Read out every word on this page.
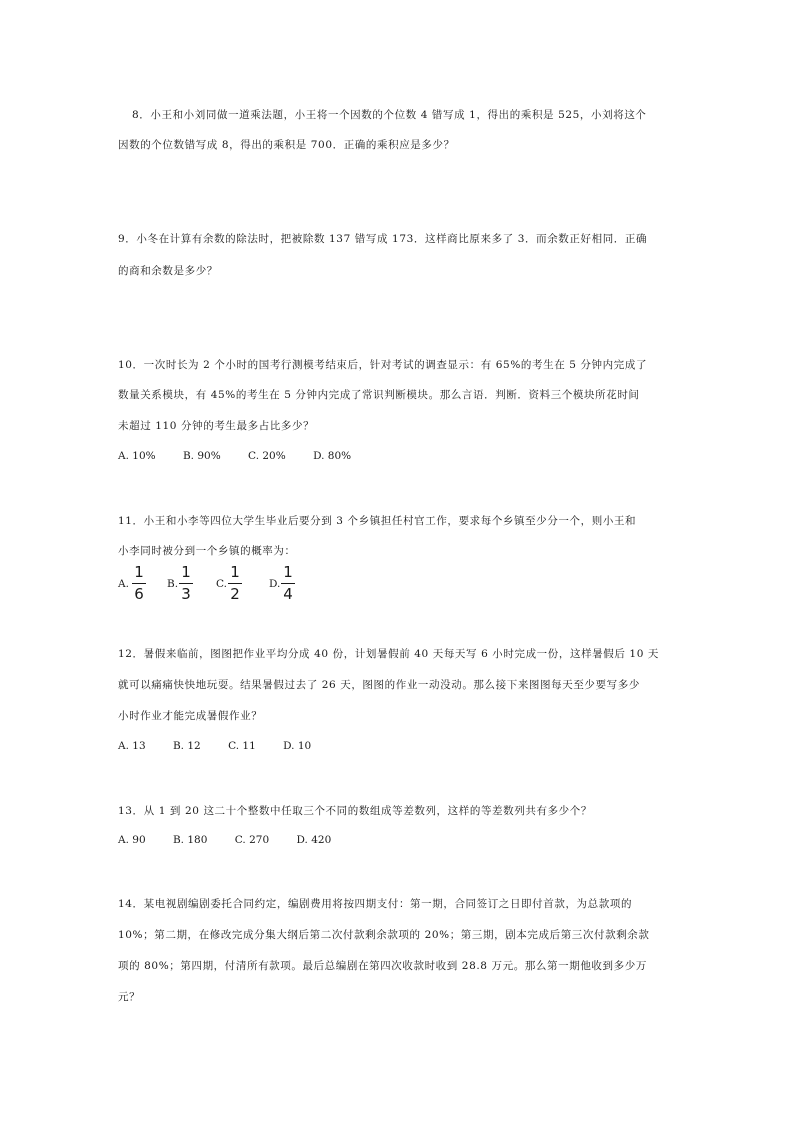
8．小王和小刘同做一道乘法题，小王将一个因数的个位数 4 错写成 1，得出的乘积是 525，小刘将这个
因数的个位数错写成 8，得出的乘积是 700．正确的乘积应是多少？
9．小冬在计算有余数的除法时，把被除数 137 错写成 173．这样商比原来多了 3．而余数正好相同．正确
的商和余数是多少？
10．一次时长为 2 个小时的国考行测模考结束后，针对考试的调查显示：有 65%的考生在 5 分钟内完成了
数量关系模块，有 45%的考生在 5 分钟内完成了常识判断模块。那么言语．判断．资料三个模块所花时间
未超过 110 分钟的考生最多占比多少？
A. 10%	B. 90%	C. 20%	D. 80%
11．小王和小李等四位大学生毕业后要分到 3 个乡镇担任村官工作，要求每个乡镇至少分一个，则小王和
小李同时被分到一个乡镇的概率为：
A.
1
6
B.
1
3
C.
1
2
D.
1
4
12．暑假来临前，图图把作业平均分成 40 份，计划暑假前 40 天每天写 6 小时完成一份，这样暑假后 10 天
就可以痛痛快快地玩耍。结果暑假过去了 26 天，图图的作业一动没动。那么接下来图图每天至少要写多少
小时作业才能完成暑假作业？
A. 13	B. 12	C. 11	D. 10
13．从 1 到 20 这二十个整数中任取三个不同的数组成等差数列，这样的等差数列共有多少个？
A. 90	B. 180	C. 270	D. 420
14．某电视剧编剧委托合同约定，编剧费用将按四期支付：第一期，合同签订之日即付首款，为总款项的
10%；第二期，在修改完成分集大纲后第二次付款剩余款项的 20%；第三期，剧本完成后第三次付款剩余款
项的 80%；第四期，付清所有款项。最后总编剧在第四次收款时收到 28.8 万元。那么第一期他收到多少万
元？
